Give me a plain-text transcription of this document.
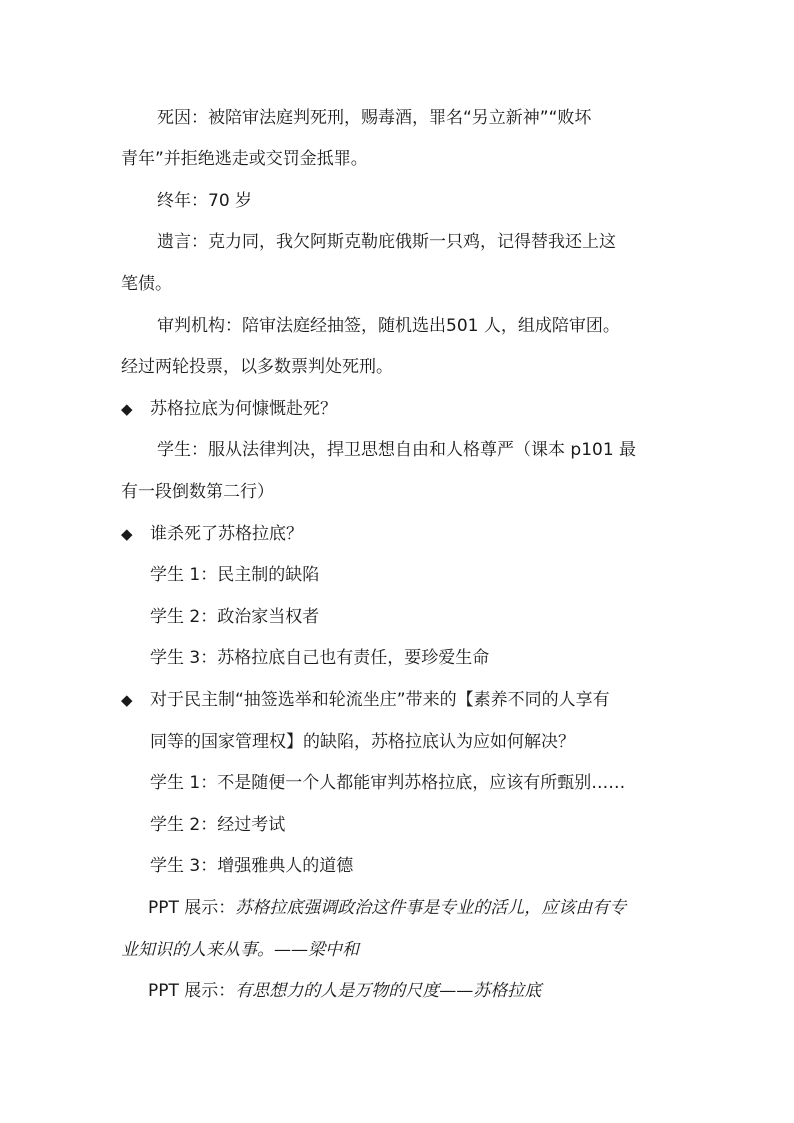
死因：被陪审法庭判死刑，赐毒酒，罪名“另立新神”“败坏
青年”并拒绝逃走或交罚金抵罪。
终年：70 岁
遗言：克力同，我欠阿斯克勒庇俄斯一只鸡，记得替我还上这
笔债。
审判机构：陪审法庭经抽签，随机选出501 人，组成陪审团。
经过两轮投票，以多数票判处死刑。
◆ 苏格拉底为何慷慨赴死？
学生：服从法律判决，捍卫思想自由和人格尊严（课本 p101 最
有一段倒数第二行）
◆ 谁杀死了苏格拉底？
学生 1：民主制的缺陷
学生 2：政治家当权者
学生 3：苏格拉底自己也有责任，要珍爱生命
◆ 对于民主制“抽签选举和轮流坐庄”带来的【素养不同的人享有
同等的国家管理权】的缺陷，苏格拉底认为应如何解决？
学生 1：不是随便一个人都能审判苏格拉底，应该有所甄别……
学生 2：经过考试
学生 3：增强雅典人的道德
PPT 展示：苏格拉底强调政治这件事是专业的活儿，应该由有专
业知识的人来从事。——梁中和
PPT 展示：有思想力的人是万物的尺度——苏格拉底
